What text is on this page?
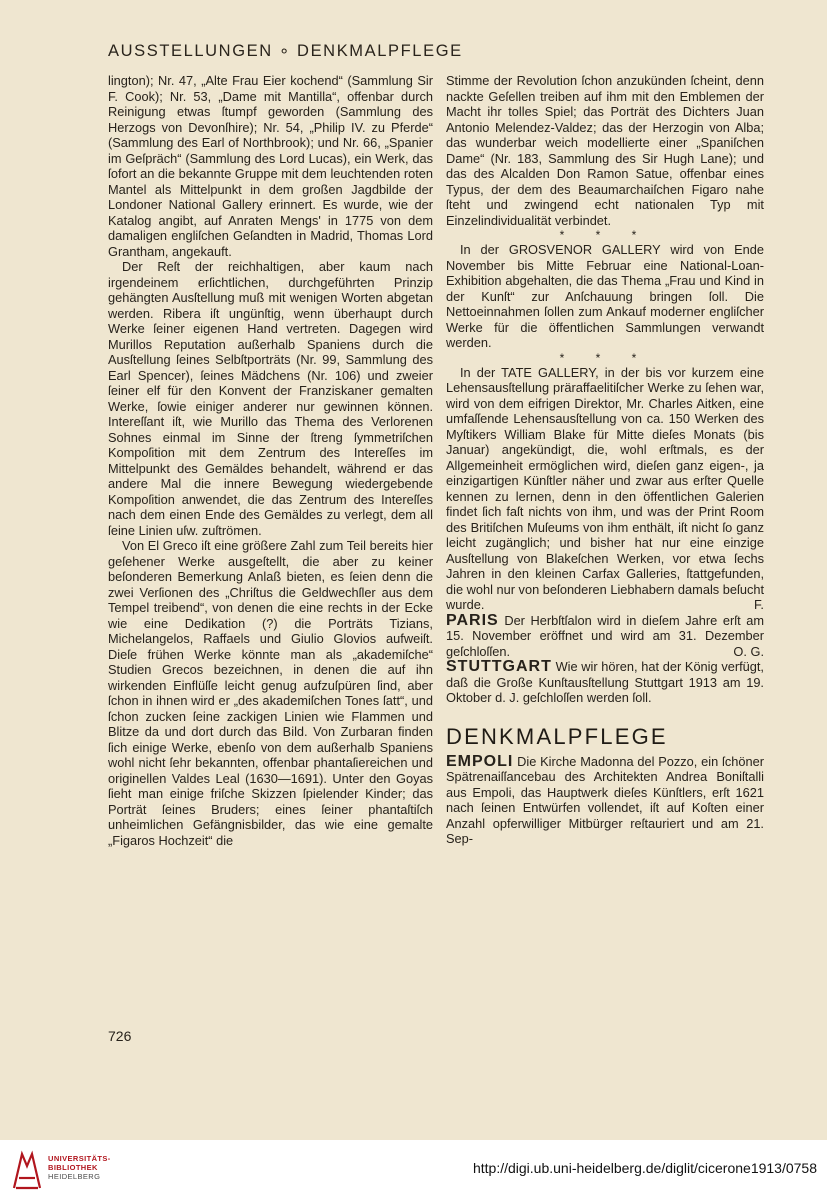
AUSSTELLUNGEN ∘ DENKMALPFLEGE

lington); Nr. 47, „Alte Frau Eier kochend“ (Sammlung Sir F. Cook); Nr. 53, „Dame mit Mantilla“, offenbar durch Reinigung etwas ſtumpf geworden (Sammlung des Herzogs von Devonſhire); Nr. 54, „Philip IV. zu Pferde“ (Sammlung des Earl of Northbrook); und Nr. 66, „Spanier im Geſpräch“ (Sammlung des Lord Lucas), ein Werk, das ſofort an die bekannte Gruppe mit dem leuchtenden roten Mantel als Mittelpunkt in dem großen Jagdbilde der Londoner National Gallery erinnert. Es wurde, wie der Katalog angibt, auf Anraten Mengs' in 1775 von dem damaligen engliſchen Geſandten in Madrid, Thomas Lord Grantham, angekauft.

Der Reſt der reichhaltigen, aber kaum nach irgendeinem erſichtlichen, durchgeführten Prinzip gehängten Ausſtellung muß mit wenigen Worten abgetan werden. Ribera iſt ungünſtig, wenn überhaupt durch Werke ſeiner eigenen Hand vertreten. Dagegen wird Murillos Reputation außerhalb Spaniens durch die Ausſtellung ſeines Selbſtporträts (Nr. 99, Sammlung des Earl Spencer), ſeines Mädchens (Nr. 106) und zweier ſeiner elf für den Konvent der Franziskaner gemalten Werke, ſowie einiger anderer nur gewinnen können. Intereſſant iſt, wie Murillo das Thema des Verlorenen Sohnes einmal im Sinne der ſtreng ſymmetriſchen Kompoſition mit dem Zentrum des Intereſſes im Mittelpunkt des Gemäldes behandelt, während er das andere Mal die innere Bewegung wiedergebende Kompoſition anwendet, die das Zentrum des Intereſſes nach dem einen Ende des Gemäldes zu verlegt, dem all ſeine Linien uſw. zuſtrömen.

Von El Greco iſt eine größere Zahl zum Teil bereits hier geſehener Werke ausgeſtellt, die aber zu keiner beſonderen Bemerkung Anlaß bieten, es ſeien denn die zwei Verſionen des „Chriſtus die Geldwechſler aus dem Tempel treibend“, von denen die eine rechts in der Ecke wie eine Dedikation (?) die Porträts Tizians, Michelangelos, Raffaels und Giulio Glovios aufweiſt. Dieſe frühen Werke könnte man als „akademiſche“ Studien Grecos bezeichnen, in denen die auf ihn wirkenden Einflüſſe leicht genug aufzuſpüren ſind, aber ſchon in ihnen wird er „des akademiſchen Tones ſatt“, und ſchon zucken ſeine zackigen Linien wie Flammen und Blitze da und dort durch das Bild. Von Zurbaran finden ſich einige Werke, ebenſo von dem außerhalb Spaniens wohl nicht ſehr bekannten, offenbar phantaſiereichen und originellen Valdes Leal (1630—1691). Unter den Goyas ſieht man einige friſche Skizzen ſpielender Kinder; das Porträt ſeines Bruders; eines ſeiner phantaſtiſch unheimlichen Gefängnisbilder, das wie eine gemalte „Figaros Hochzeit“ die

Stimme der Revolution ſchon anzukünden ſcheint, denn nackte Geſellen treiben auf ihm mit den Emblemen der Macht ihr tolles Spiel; das Porträt des Dichters Juan Antonio Melendez-Valdez; das der Herzogin von Alba; das wunderbar weich modellierte einer „Spaniſchen Dame“ (Nr. 183, Sammlung des Sir Hugh Lane); und das des Alcalden Don Ramon Satue, offenbar eines Typus, der dem des Beaumarchaiſchen Figaro nahe ſteht und zwingend echt nationalen Typ mit Einzelindividualität verbindet.

* * *

In der GROSVENOR GALLERY wird von Ende November bis Mitte Februar eine National-Loan-Exhibition abgehalten, die das Thema „Frau und Kind in der Kunſt“ zur Anſchauung bringen ſoll. Die Nettoeinnahmen ſollen zum Ankauf moderner engliſcher Werke für die öffentlichen Sammlungen verwandt werden.

* * *

In der TATE GALLERY, in der bis vor kurzem eine Lehensausſtellung präraffaelitiſcher Werke zu ſehen war, wird von dem eifrigen Direktor, Mr. Charles Aitken, eine umfaſſende Lehensausſtellung von ca. 150 Werken des Myſtikers William Blake für Mitte dieſes Monats (bis Januar) angekündigt, die, wohl erſtmals, es der Allgemeinheit ermöglichen wird, dieſen ganz eigen-, ja einzigartigen Künſtler näher und zwar aus erſter Quelle kennen zu lernen, denn in den öffentlichen Galerien findet ſich faſt nichts von ihm, und was der Print Room des Britiſchen Muſeums von ihm enthält, iſt nicht ſo ganz leicht zugänglich; und bisher hat nur eine einzige Ausſtellung von Blakeſchen Werken, vor etwa ſechs Jahren in den kleinen Carfax Galleries, ſtattgefunden, die wohl nur von beſonderen Liebhabern damals beſucht wurde.	F.

PARIS Der Herbſtſalon wird in dieſem Jahre erſt am 15. November eröffnet und wird am 31. Dezember geſchloſſen.	O. G.

STUTTGART Wie wir hören, hat der König verfügt, daß die Große Kunſtausſtellung Stuttgart 1913 am 19. Oktober d. J. geſchloſſen werden ſoll.

DENKMALPFLEGE

EMPOLI Die Kirche Madonna del Pozzo, ein ſchöner Spätrenaiſſancebau des Architekten Andrea Boniſtalli aus Empoli, das Hauptwerk dieſes Künſtlers, erſt 1621 nach ſeinen Entwürfen vollendet, iſt auf Koſten einer Anzahl opferwilliger Mitbürger reſtauriert und am 21. Sep-

726
UNIVERSITÄTS-
BIBLIOTHEK
HEIDELBERG
http://digi.ub.uni-heidelberg.de/diglit/cicerone1913/0758
